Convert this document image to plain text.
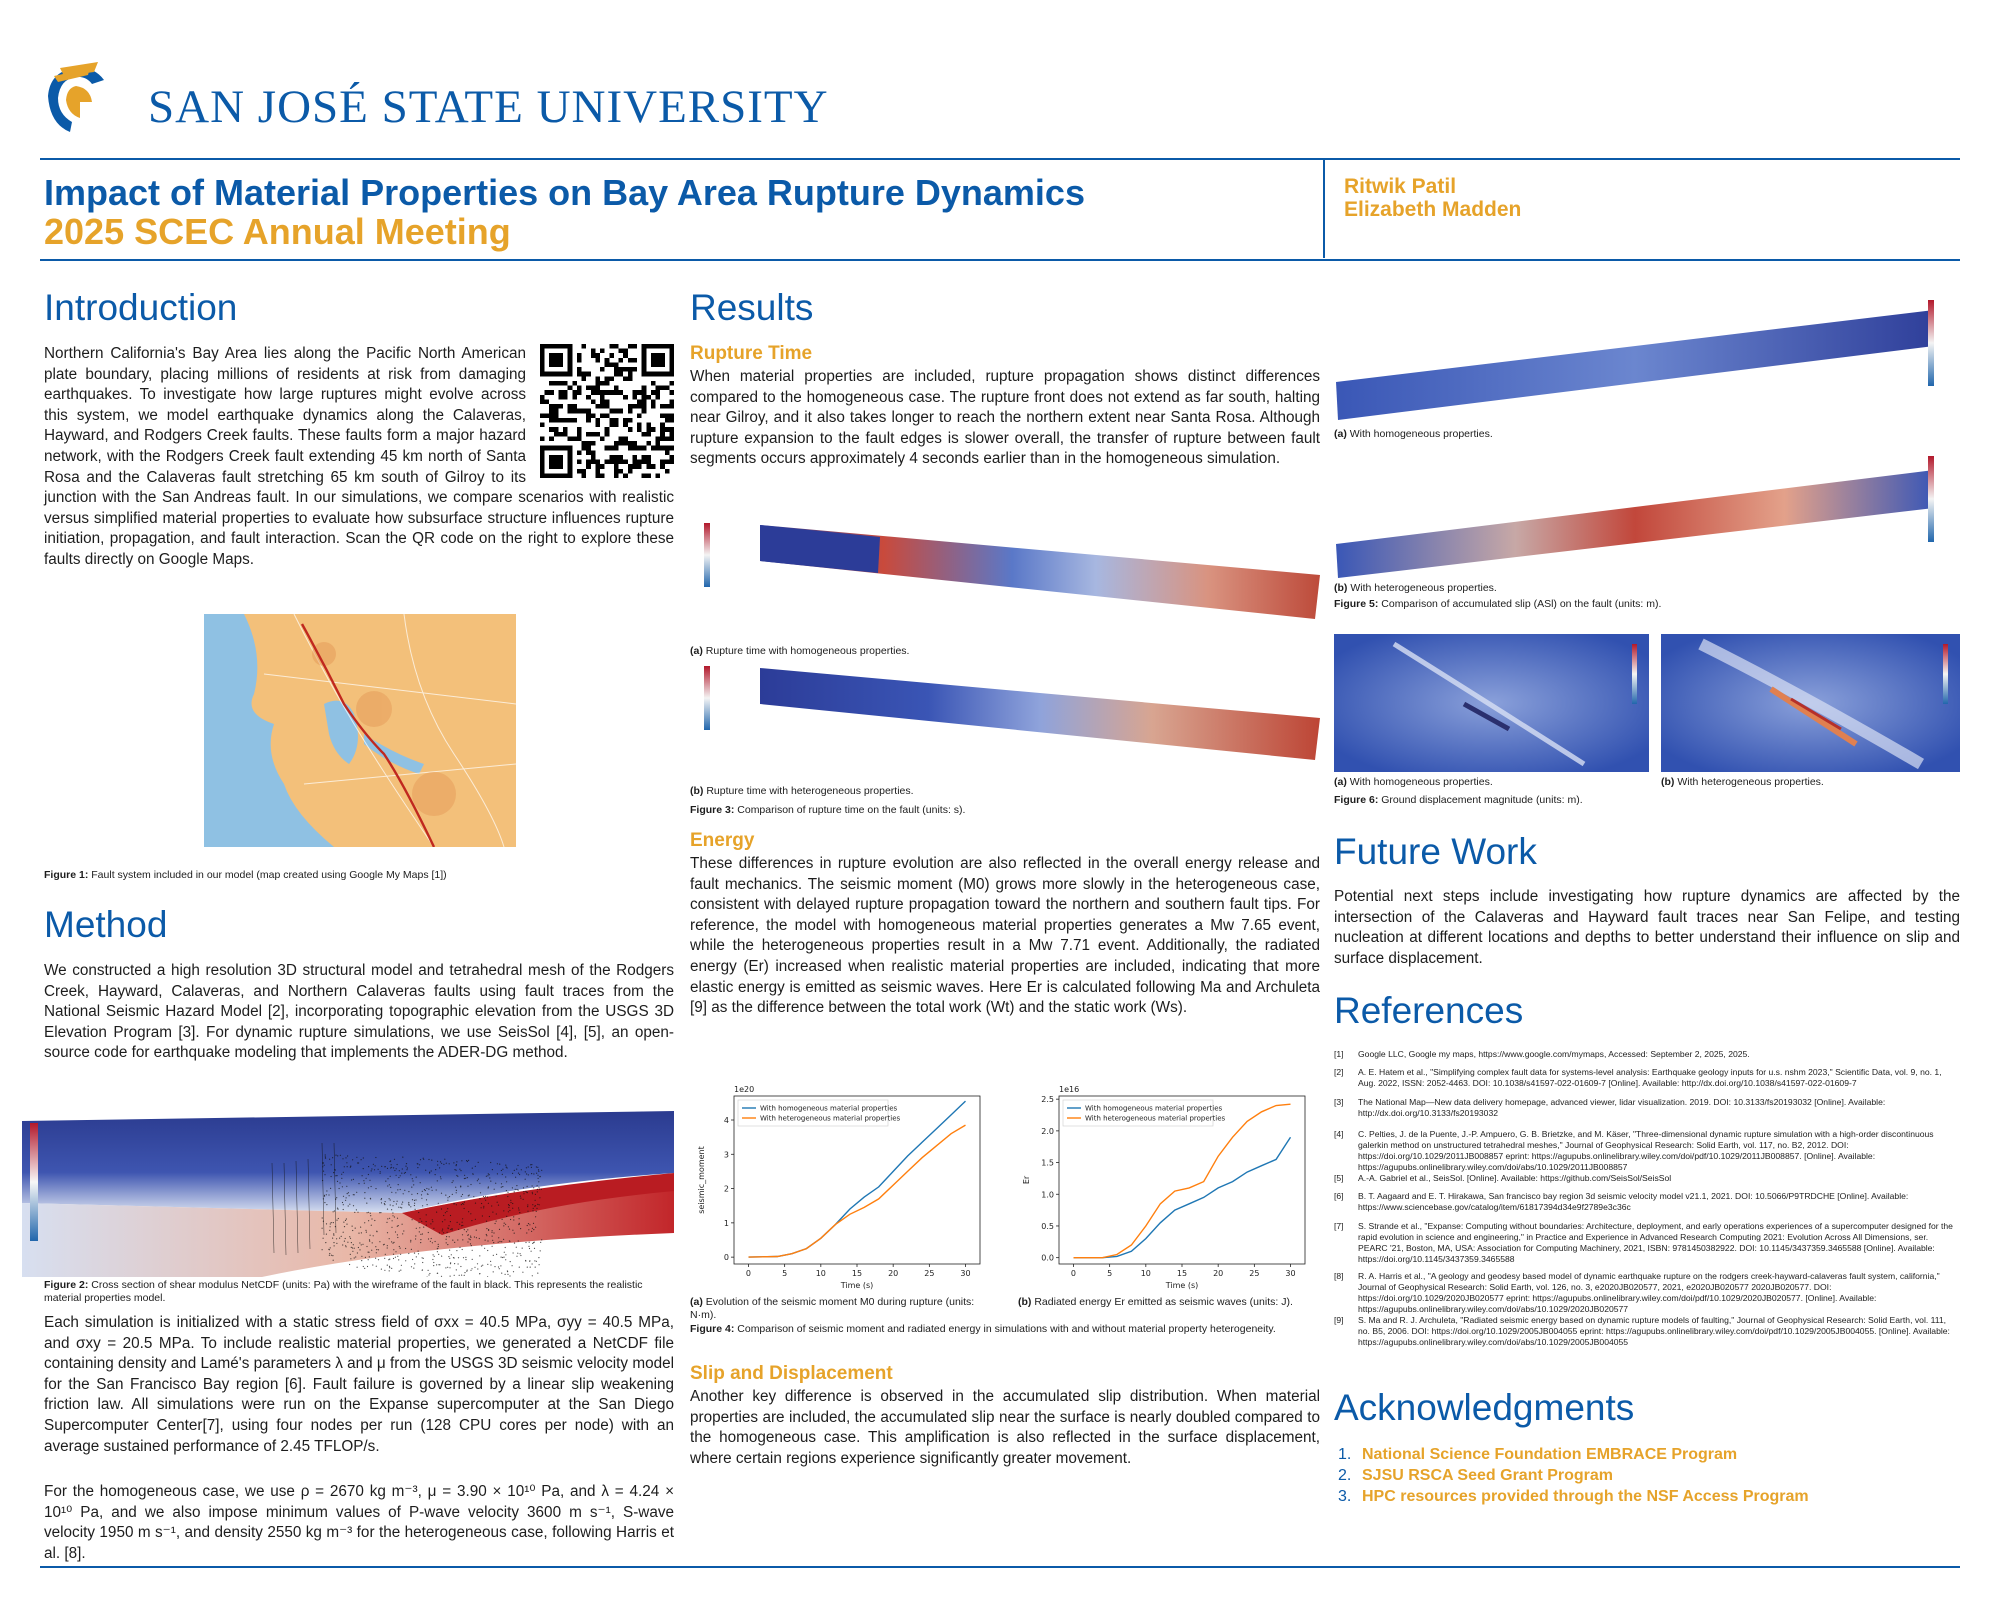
SAN JOSÉ STATE UNIVERSITY
Impact of Material Properties on Bay Area Rupture Dynamics
2025 SCEC Annual Meeting
Ritwik Patil
Elizabeth Madden
Introduction
Northern California's Bay Area lies along the Pacific North American plate boundary, placing millions of residents at risk from damaging earthquakes. To investigate how large ruptures might evolve across this system, we model earthquake dynamics along the Calaveras, Hayward, and Rodgers Creek faults. These faults form a major hazard network, with the Rodgers Creek fault extending 45 km north of Santa Rosa and the Calaveras fault stretching 65 km south of Gilroy to its junction with the San Andreas fault. In our simulations, we compare scenarios with realistic versus simplified material properties to evaluate how subsurface structure influences rupture initiation, propagation, and fault interaction. Scan the QR code on the right to explore these faults directly on Google Maps.
Figure 1: Fault system included in our model (map created using Google My Maps [1])
Method
We constructed a high resolution 3D structural model and tetrahedral mesh of the Rodgers Creek, Hayward, Calaveras, and Northern Calaveras faults using fault traces from the National Seismic Hazard Model [2], incorporating topographic elevation from the USGS 3D Elevation Program [3]. For dynamic rupture simulations, we use SeisSol [4], [5], an open-source code for earthquake modeling that implements the ADER-DG method.
Figure 2: Cross section of shear modulus NetCDF (units: Pa) with the wireframe of the fault in black. This represents the realistic material properties model.
Each simulation is initialized with a static stress field of σxx = 40.5 MPa, σyy = 40.5 MPa, and σxy = 20.5 MPa. To include realistic material properties, we generated a NetCDF file containing density and Lamé's parameters λ and μ from the USGS 3D seismic velocity model for the San Francisco Bay region [6]. Fault failure is governed by a linear slip weakening friction law. All simulations were run on the Expanse supercomputer at the San Diego Supercomputer Center[7], using four nodes per run (128 CPU cores per node) with an average sustained performance of 2.45 TFLOP/s.
For the homogeneous case, we use ρ = 2670 kg m⁻³, μ = 3.90 × 10¹⁰ Pa, and λ = 4.24 × 10¹⁰ Pa, and we also impose minimum values of P-wave velocity 3600 m s⁻¹, S-wave velocity 1950 m s⁻¹, and density 2550 kg m⁻³ for the heterogeneous case, following Harris et al. [8].
Results
Rupture Time
When material properties are included, rupture propagation shows distinct differences compared to the homogeneous case. The rupture front does not extend as far south, halting near Gilroy, and it also takes longer to reach the northern extent near Santa Rosa. Although rupture expansion to the fault edges is slower overall, the transfer of rupture between fault segments occurs approximately 4 seconds earlier than in the homogeneous simulation.
(a) Rupture time with homogeneous properties.
(b) Rupture time with heterogeneous properties.
Figure 3: Comparison of rupture time on the fault (units: s).
Energy
These differences in rupture evolution are also reflected in the overall energy release and fault mechanics. The seismic moment (M0) grows more slowly in the heterogeneous case, consistent with delayed rupture propagation toward the northern and southern fault tips. For reference, the model with homogeneous material properties generates a Mw 7.65 event, while the heterogeneous properties result in a Mw 7.71 event. Additionally, the radiated energy (Er) increased when realistic material properties are included, indicating that more elastic energy is emitted as seismic waves. Here Er is calculated following Ma and Archuleta [9] as the difference between the total work (Wt) and the static work (Ws).
0	5	10	15	20	25	30
0
1
2
3
4
1e20
Time (s)
seismic_moment
With homogeneous material properties
With heterogeneous material properties
0	5	10	15	20	25	30
0.0
0.5
1.0
1.5
2.0
2.5
1e16
Time (s)
Er
With homogeneous material properties
With heterogeneous material properties
(a) Evolution of the seismic moment M0 during rupture (units: N·m).
(b) Radiated energy Er emitted as seismic waves (units: J).
Figure 4: Comparison of seismic moment and radiated energy in simulations with and without material property heterogeneity.
Slip and Displacement
Another key difference is observed in the accumulated slip distribution. When material properties are included, the accumulated slip near the surface is nearly doubled compared to the homogeneous case. This amplification is also reflected in the surface displacement, where certain regions experience significantly greater movement.
(a) With homogeneous properties.
(b) With heterogeneous properties.
Figure 5: Comparison of accumulated slip (ASl) on the fault (units: m).
(a) With homogeneous properties.	(b) With heterogeneous properties.
Figure 6: Ground displacement magnitude (units: m).
Future Work
Potential next steps include investigating how rupture dynamics are affected by the intersection of the Calaveras and Hayward fault traces near San Felipe, and testing nucleation at different locations and depths to better understand their influence on slip and surface displacement.
References
[1] Google LLC, Google my maps, https://www.google.com/mymaps, Accessed: September 2, 2025, 2025.
[2] A. E. Hatem et al., "Simplifying complex fault data for systems-level analysis: Earthquake geology inputs for u.s. nshm 2023," Scientific Data, vol. 9, no. 1, Aug. 2022, ISSN: 2052-4463. DOI: 10.1038/s41597-022-01609-7 [Online]. Available: http://dx.doi.org/10.1038/s41597-022-01609-7
[3] The National Map—New data delivery homepage, advanced viewer, lidar visualization. 2019. DOI: 10.3133/fs20193032 [Online]. Available: http://dx.doi.org/10.3133/fs20193032
[4] C. Pelties, J. de la Puente, J.-P. Ampuero, G. B. Brietzke, and M. Käser, "Three-dimensional dynamic rupture simulation with a high-order discontinuous galerkin method on unstructured tetrahedral meshes," Journal of Geophysical Research: Solid Earth, vol. 117, no. B2, 2012. DOI: https://doi.org/10.1029/2011JB008857 eprint: https://agupubs.onlinelibrary.wiley.com/doi/pdf/10.1029/2011JB008857. [Online]. Available: https://agupubs.onlinelibrary.wiley.com/doi/abs/10.1029/2011JB008857
[5] A.-A. Gabriel et al., SeisSol. [Online]. Available: https://github.com/SeisSol/SeisSol
[6] B. T. Aagaard and E. T. Hirakawa, San francisco bay region 3d seismic velocity model v21.1, 2021. DOI: 10.5066/P9TRDCHE [Online]. Available: https://www.sciencebase.gov/catalog/item/61817394d34e9f2789e3c36c
[7] S. Strande et al., "Expanse: Computing without boundaries: Architecture, deployment, and early operations experiences of a supercomputer designed for the rapid evolution in science and engineering," in Practice and Experience in Advanced Research Computing 2021: Evolution Across All Dimensions, ser. PEARC '21, Boston, MA, USA: Association for Computing Machinery, 2021, ISBN: 9781450382922. DOI: 10.1145/3437359.3465588 [Online]. Available: https://doi.org/10.1145/3437359.3465588
[8] R. A. Harris et al., "A geology and geodesy based model of dynamic earthquake rupture on the rodgers creek-hayward-calaveras fault system, california," Journal of Geophysical Research: Solid Earth, vol. 126, no. 3, e2020JB020577, 2021, e2020JB020577 2020JB020577. DOI: https://doi.org/10.1029/2020JB020577 eprint: https://agupubs.onlinelibrary.wiley.com/doi/pdf/10.1029/2020JB020577. [Online]. Available: https://agupubs.onlinelibrary.wiley.com/doi/abs/10.1029/2020JB020577
[9] S. Ma and R. J. Archuleta, "Radiated seismic energy based on dynamic rupture models of faulting," Journal of Geophysical Research: Solid Earth, vol. 111, no. B5, 2006. DOI: https://doi.org/10.1029/2005JB004055 eprint: https://agupubs.onlinelibrary.wiley.com/doi/pdf/10.1029/2005JB004055. [Online]. Available: https://agupubs.onlinelibrary.wiley.com/doi/abs/10.1029/2005JB004055
Acknowledgments
1. National Science Foundation EMBRACE Program
2. SJSU RSCA Seed Grant Program
3. HPC resources provided through the NSF Access Program
